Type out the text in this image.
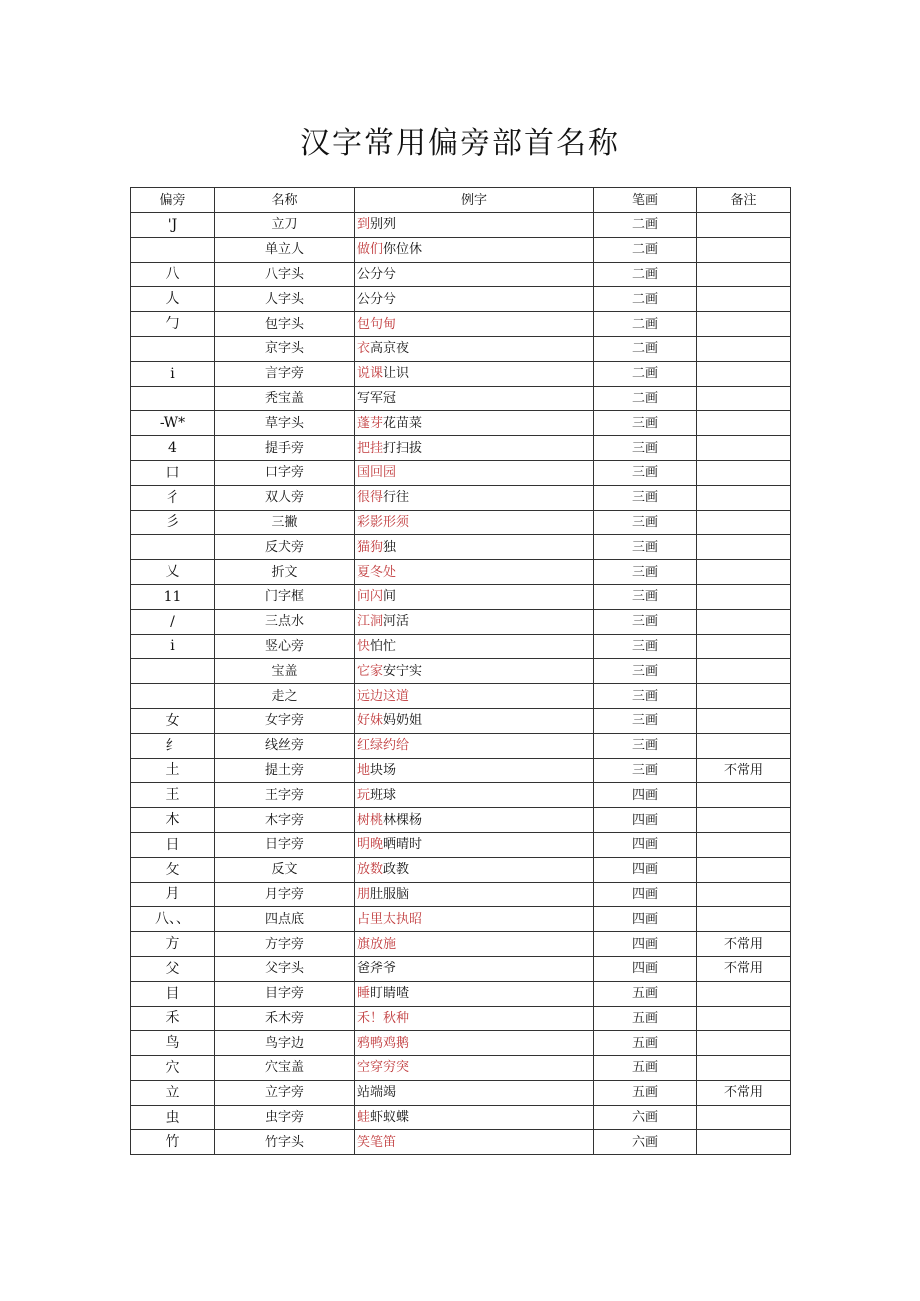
汉字常用偏旁部首名称
偏旁	名称	例字	笔画	备注
'J	立刀	到别列	二画	
	单立人	做们你位休	二画	
八	八字头	公分兮	二画	
人	人字头	公分兮	二画	
勹	包字头	包句甸	二画	
	京字头	衣高京夜	二画	
i	言字旁	说课让识	二画	
	秃宝盖	写军冠	二画	
-W*	草字头	蓬芽花苗菜	三画	
4	提手旁	把挂打扫拔	三画	
口	口字旁	国回园	三画	
彳	双人旁	很得行往	三画	
彡	三撇	彩影形须	三画	
	反犬旁	猫狗独	三画	
乂	折文	夏冬处	三画	
11	门字框	问闪间	三画	
/	三点水	江洞河活	三画	
i	竖心旁	快怕忙	三画	
	宝盖	它家安宁实	三画	
	走之	远边这道	三画	
女	女字旁	好妹妈奶姐	三画	
纟	线丝旁	红绿约给	三画	
土	提土旁	地块场	三画	不常用
王	王字旁	玩班球	四画	
木	木字旁	树桃林棵杨	四画	
日	日字旁	明晚晒晴时	四画	
攵	反文	放数政教	四画	
月	月字旁	朋肚服脑	四画	
八、、	四点底	占里太执昭	四画	
方	方字旁	旗放施	四画	不常用
父	父字头	爸斧爷	四画	不常用
目	目字旁	睡盯睛喳	五画	
禾	禾木旁	禾！秋种	五画	
鸟	鸟字边	鸦鸭鸡鹅	五画	
穴	穴宝盖	空穿穷突	五画	
立	立字旁	站端竭	五画	不常用
虫	虫字旁	蛙虾蚁蝶	六画	
竹	竹字头	笑笔笛	六画	
